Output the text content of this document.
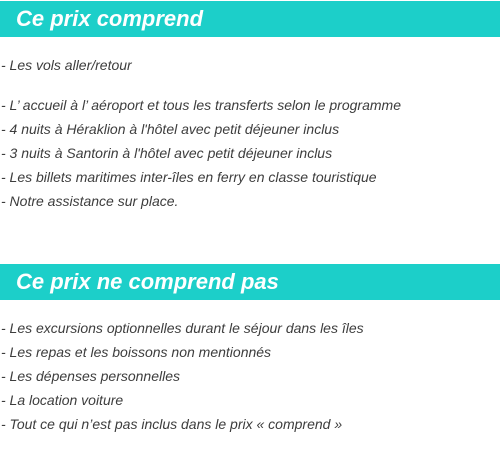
Ce prix comprend
- Les vols aller/retour
- L’ accueil à l’ aéroport et tous les transferts selon le programme
- 4 nuits à Héraklion à l'hôtel avec petit déjeuner inclus
- 3 nuits à Santorin à l'hôtel avec petit déjeuner inclus
- Les billets maritimes inter-îles en ferry en classe touristique
- Notre assistance sur place.
Ce prix ne comprend pas
- Les excursions optionnelles durant le séjour dans les îles
- Les repas et les boissons non mentionnés
- Les dépenses personnelles
- La location voiture
- Tout ce qui n’est pas inclus dans le prix « comprend »
